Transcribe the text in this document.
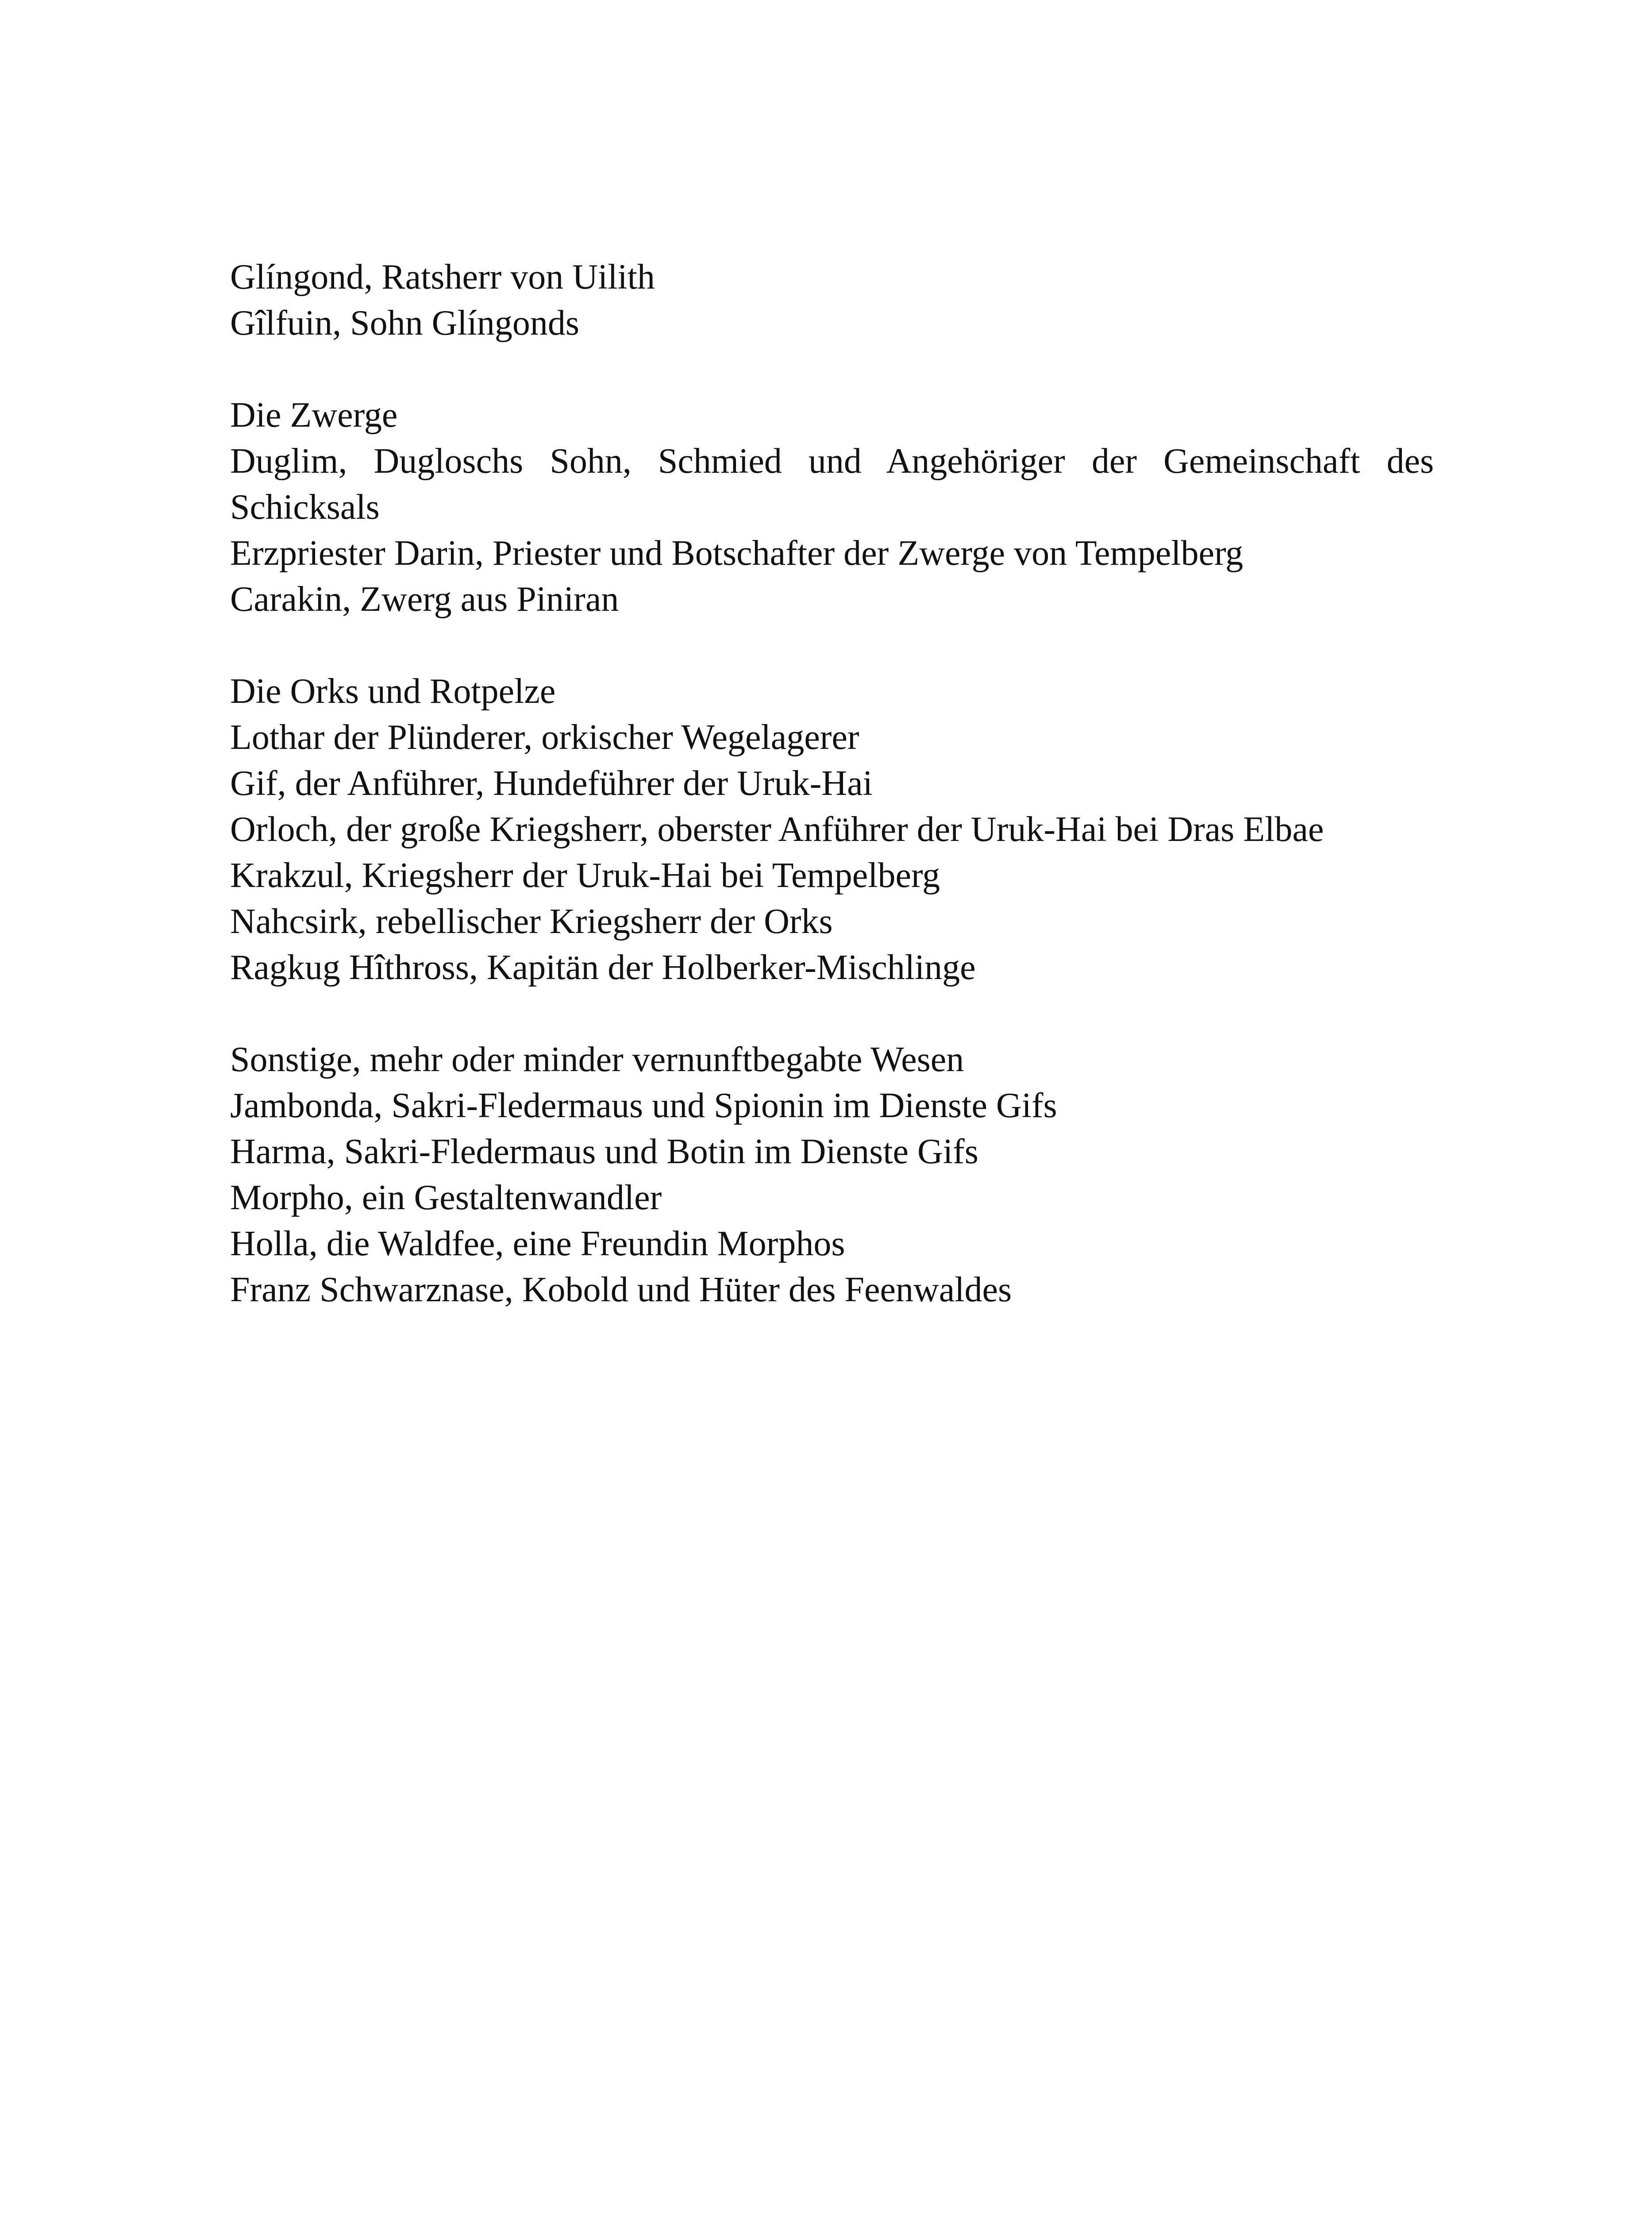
Glíngond, Ratsherr von Uilith
Gîlfuin, Sohn Glíngonds
Die Zwerge
Duglim, Dugloschs Sohn, Schmied und Angehöriger der Gemeinschaft des Schicksals
Erzpriester Darin, Priester und Botschafter der Zwerge von Tempelberg
Carakin, Zwerg aus Piniran
Die Orks und Rotpelze
Lothar der Plünderer, orkischer Wegelagerer
Gif, der Anführer, Hundeführer der Uruk-Hai
Orloch, der große Kriegsherr, oberster Anführer der Uruk-Hai bei Dras Elbae
Krakzul, Kriegsherr der Uruk-Hai bei Tempelberg
Nahcsirk, rebellischer Kriegsherr der Orks
Ragkug Hîthross, Kapitän der Holberker-Mischlinge
Sonstige, mehr oder minder vernunftbegabte Wesen
Jambonda, Sakri-Fledermaus und Spionin im Dienste Gifs
Harma, Sakri-Fledermaus und Botin im Dienste Gifs
Morpho, ein Gestaltenwandler
Holla, die Waldfee, eine Freundin Morphos
Franz Schwarznase, Kobold und Hüter des Feenwaldes
